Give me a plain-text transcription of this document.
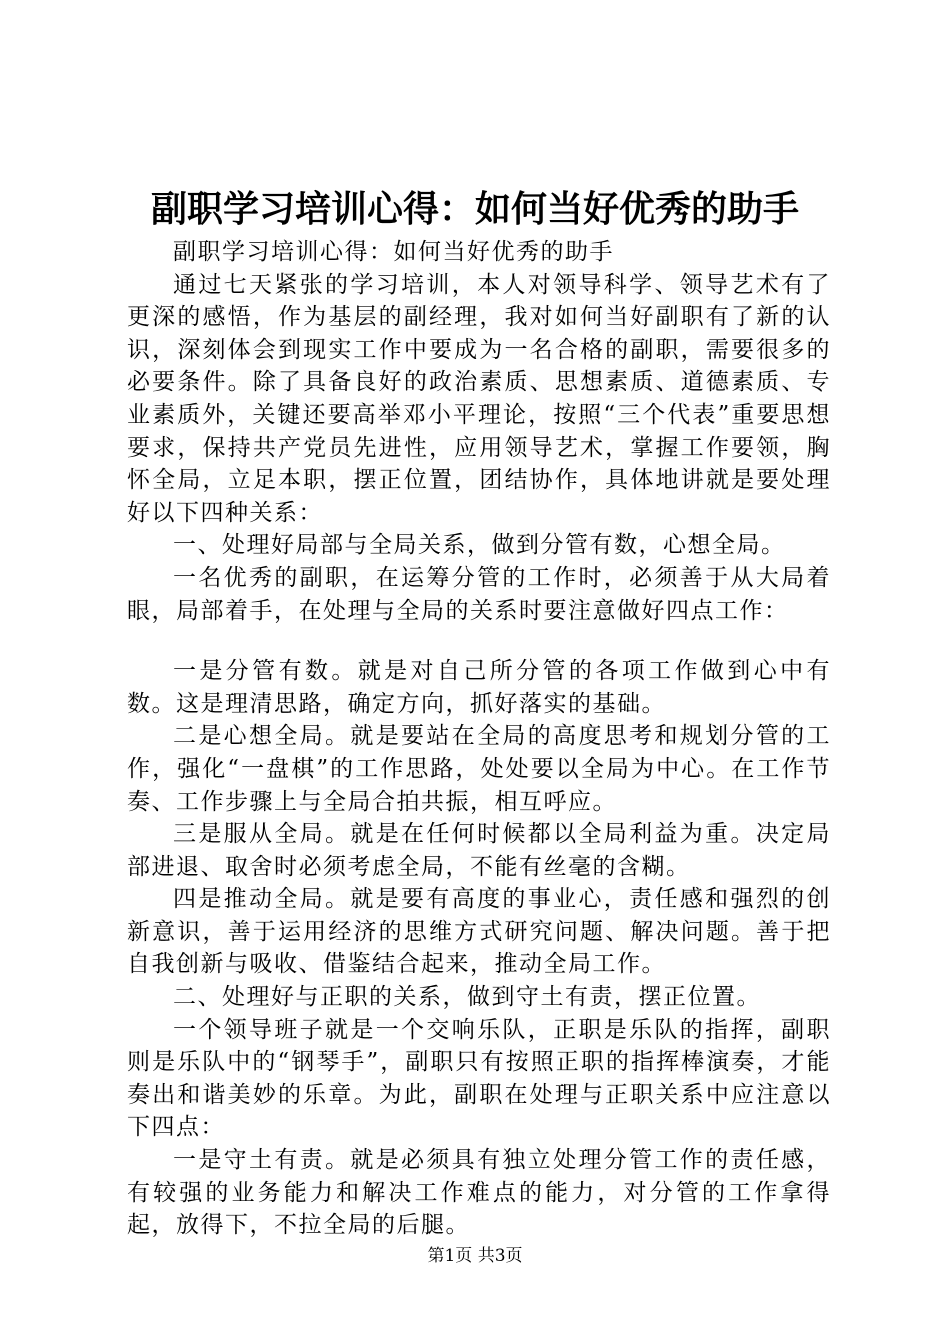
副职学习培训心得：如何当好优秀的助手

副职学习培训心得：如何当好优秀的助手

通过七天紧张的学习培训，本人对领导科学、领导艺术有了更深的感悟，作为基层的副经理，我对如何当好副职有了新的认识，深刻体会到现实工作中要成为一名合格的副职，需要很多的必要条件。除了具备良好的政治素质、思想素质、道德素质、专业素质外，关键还要高举邓小平理论，按照“三个代表”重要思想要求，保持共产党员先进性，应用领导艺术，掌握工作要领，胸怀全局，立足本职，摆正位置，团结协作，具体地讲就是要处理好以下四种关系：

一、处理好局部与全局关系，做到分管有数，心想全局。

一名优秀的副职，在运筹分管的工作时，必须善于从大局着眼，局部着手，在处理与全局的关系时要注意做好四点工作：

一是分管有数。就是对自己所分管的各项工作做到心中有数。这是理清思路，确定方向，抓好落实的基础。

二是心想全局。就是要站在全局的高度思考和规划分管的工作，强化“一盘棋”的工作思路，处处要以全局为中心。在工作节奏、工作步骤上与全局合拍共振，相互呼应。

三是服从全局。就是在任何时候都以全局利益为重。决定局部进退、取舍时必须考虑全局，不能有丝毫的含糊。

四是推动全局。就是要有高度的事业心，责任感和强烈的创新意识，善于运用经济的思维方式研究问题、解决问题。善于把自我创新与吸收、借鉴结合起来，推动全局工作。

二、处理好与正职的关系，做到守土有责，摆正位置。

一个领导班子就是一个交响乐队，正职是乐队的指挥，副职则是乐队中的“钢琴手”，副职只有按照正职的指挥棒演奏，才能奏出和谐美妙的乐章。为此，副职在处理与正职关系中应注意以下四点：

一是守土有责。就是必须具有独立处理分管工作的责任感，有较强的业务能力和解决工作难点的能力，对分管的工作拿得起，放得下，不拉全局的后腿。

第1页 共3页
